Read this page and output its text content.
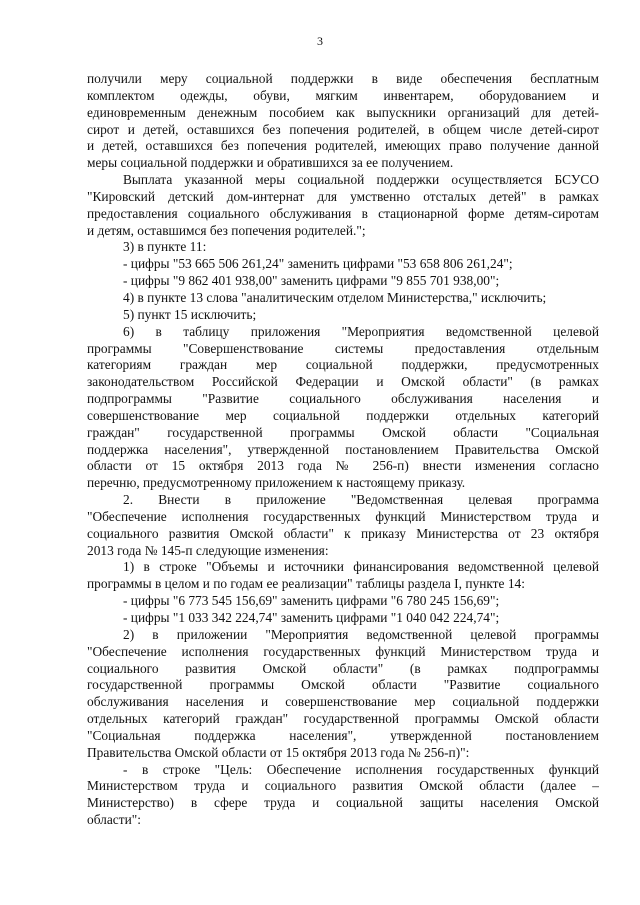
3
получили меру социальной поддержки в виде обеспечения бесплатным
комплектом одежды, обуви, мягким инвентарем, оборудованием и
единовременным денежным пособием как выпускники организаций для детей-
сирот и детей, оставшихся без попечения родителей, в общем числе детей-сирот
и детей, оставшихся без попечения родителей, имеющих право получение данной
меры социальной поддержки и обратившихся за ее получением.
Выплата указанной меры социальной поддержки осуществляется БСУСО
"Кировский детский дом-интернат для умственно отсталых детей" в рамках
предоставления социального обслуживания в стационарной форме детям-сиротам
и детям, оставшимся без попечения родителей.";
3) в пункте 11:
- цифры "53 665 506 261,24" заменить цифрами "53 658 806 261,24";
- цифры "9 862 401 938,00" заменить цифрами "9 855 701 938,00";
4) в пункте 13 слова "аналитическим отделом Министерства," исключить;
5) пункт 15 исключить;
6) в таблицу приложения "Мероприятия ведомственной целевой
программы "Совершенствование системы предоставления отдельным
категориям граждан мер социальной поддержки, предусмотренных
законодательством Российской Федерации и Омской области" (в рамках
подпрограммы "Развитие социального обслуживания населения и
совершенствование мер социальной поддержки отдельных категорий
граждан" государственной программы Омской области "Социальная
поддержка населения", утвержденной постановлением Правительства Омской
области от 15 октября 2013 года № 256-п) внести изменения согласно
перечню, предусмотренному приложением к настоящему приказу.
2. Внести в приложение "Ведомственная целевая программа
"Обеспечение исполнения государственных функций Министерством труда и
социального развития Омской области" к приказу Министерства от 23 октября
2013 года № 145-п следующие изменения:
1) в строке "Объемы и источники финансирования ведомственной целевой
программы в целом и по годам ее реализации" таблицы раздела I, пункте 14:
- цифры "6 773 545 156,69" заменить цифрами "6 780 245 156,69";
- цифры "1 033 342 224,74" заменить цифрами "1 040 042 224,74";
2) в приложении "Мероприятия ведомственной целевой программы
"Обеспечение исполнения государственных функций Министерством труда и
социального развития Омской области" (в рамках подпрограммы
государственной программы Омской области "Развитие социального
обслуживания населения и совершенствование мер социальной поддержки
отдельных категорий граждан" государственной программы Омской области
"Социальная поддержка населения", утвержденной постановлением
Правительства Омской области от 15 октября 2013 года № 256-п)":
- в строке "Цель: Обеспечение исполнения государственных функций
Министерством труда и социального развития Омской области (далее –
Министерство) в сфере труда и социальной защиты населения Омской
области":
